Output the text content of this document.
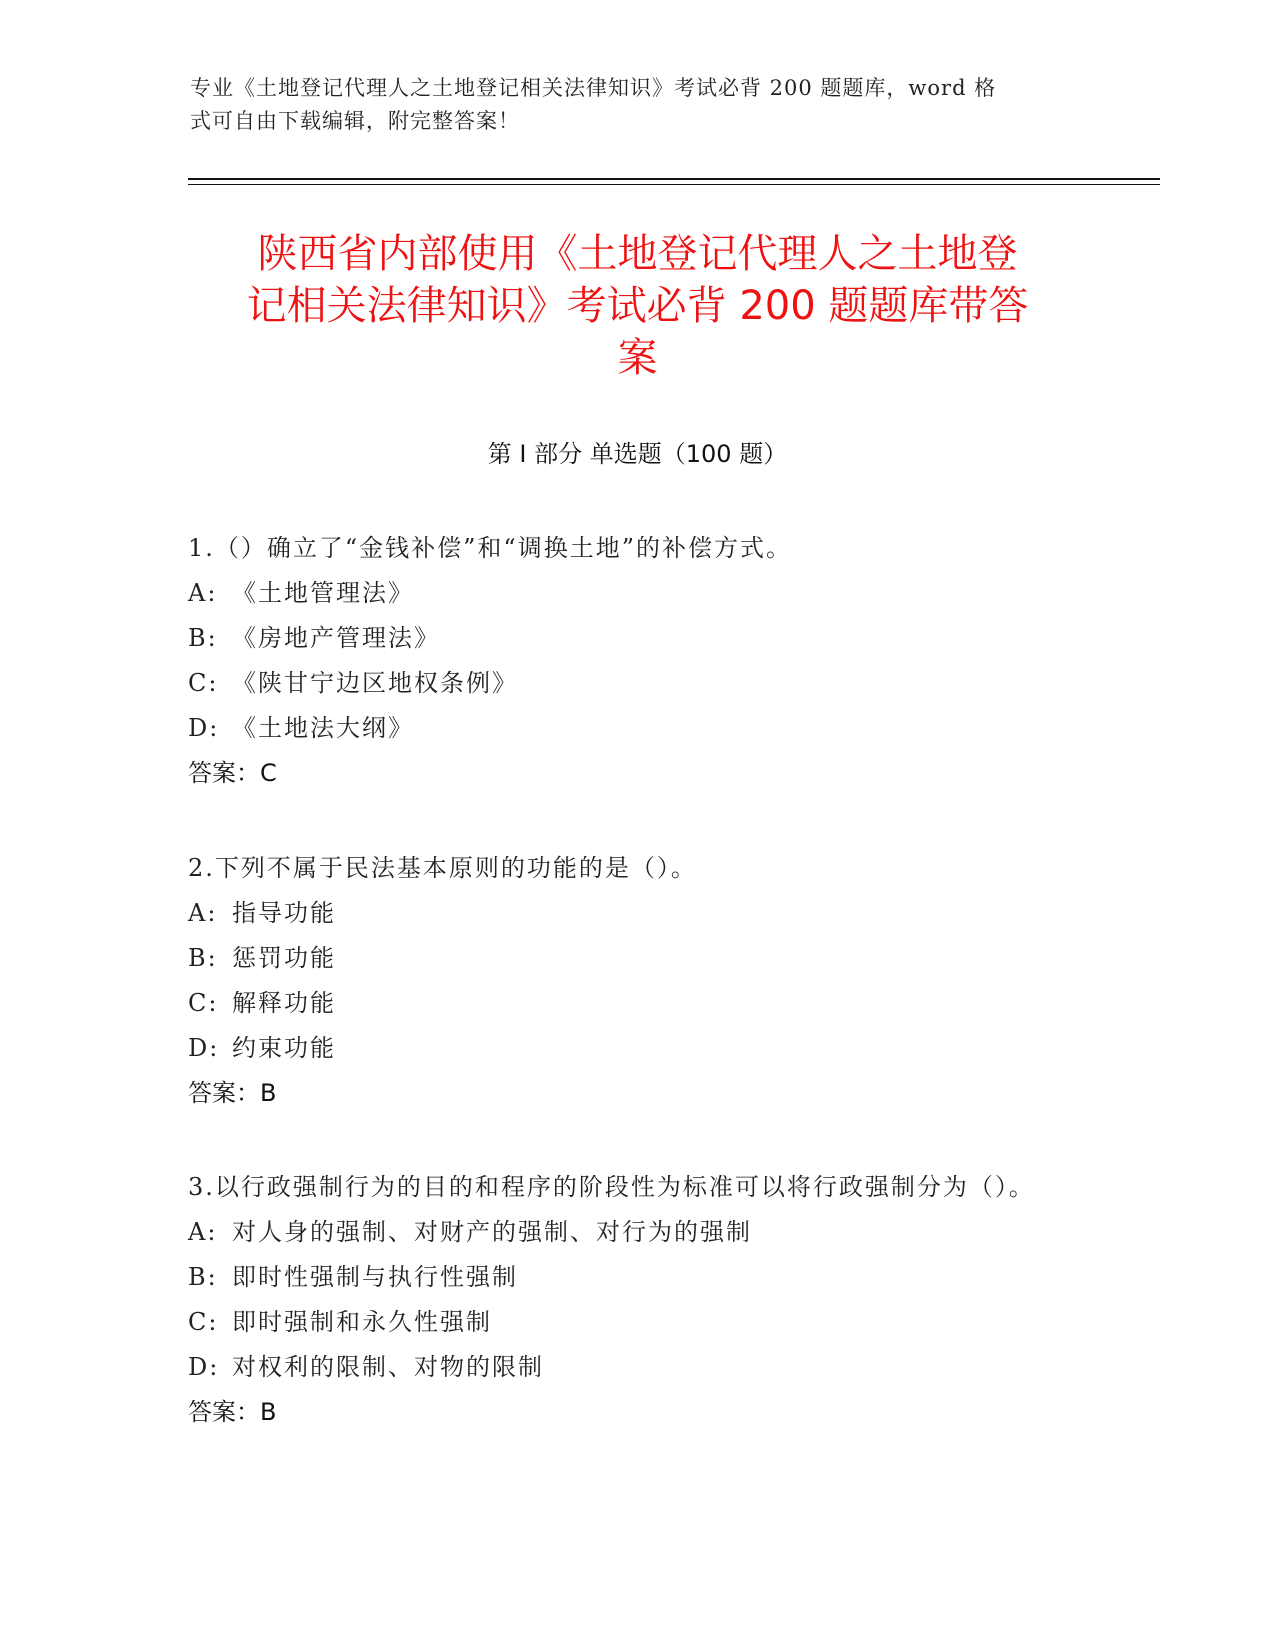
专业《土地登记代理人之土地登记相关法律知识》考试必背 200 题题库，word 格
式可自由下载编辑，附完整答案！
陕西省内部使用《土地登记代理人之土地登
记相关法律知识》考试必背 200 题题库带答
案
第 I 部分 单选题（100 题）

1.（）确立了“金钱补偿”和“调换土地”的补偿方式。

A: 《土地管理法》

B: 《房地产管理法》

C: 《陕甘宁边区地权条例》

D: 《土地法大纲》

答案：C

2.下列不属于民法基本原则的功能的是（）。

A: 指导功能

B: 惩罚功能

C: 解释功能

D: 约束功能

答案：B

3.以行政强制行为的目的和程序的阶段性为标准可以将行政强制分为（）。

A: 对人身的强制、对财产的强制、对行为的强制

B: 即时性强制与执行性强制

C: 即时强制和永久性强制

D: 对权利的限制、对物的限制

答案：B
